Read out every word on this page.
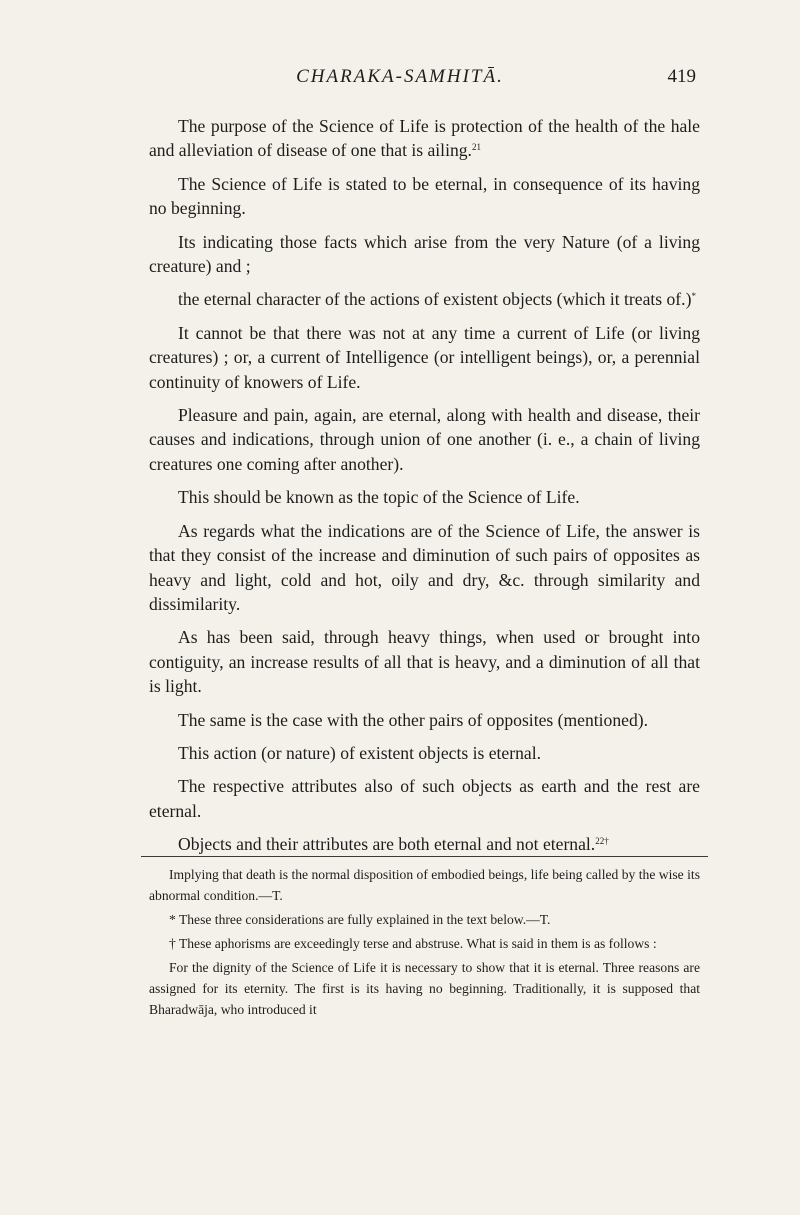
CHARAKA-SAMHITĀ.	419

The purpose of the Science of Life is protection of the health of the hale and alleviation of disease of one that is ailing.$^{21}$

The Science of Life is stated to be eternal, in consequence of its having no beginning.

Its indicating those facts which arise from the very Nature (of a living creature) and ;

the eternal character of the actions of existent objects (which it treats of.)*

It cannot be that there was not at any time a current of Life (or living creatures) ; or, a current of Intelligence (or intelligent beings), or, a perennial continuity of knowers of Life.

Pleasure and pain, again, are eternal, along with health and disease, their causes and indications, through union of one another (i. e., a chain of living creatures one coming after another).

This should be known as the topic of the Science of Life.

As regards what the indications are of the Science of Life, the answer is that they consist of the increase and diminution of such pairs of opposites as heavy and light, cold and hot, oily and dry, &c. through similarity and dissimilarity.

As has been said, through heavy things, when used or brought into contiguity, an increase results of all that is heavy, and a diminution of all that is light.

The same is the case with the other pairs of opposites (mentioned).

This action (or nature) of existent objects is eternal.

The respective attributes also of such objects as earth and the rest are eternal.

Objects and their attributes are both eternal and not eternal.$^{22\dagger}$

Implying that death is the normal disposition of embodied beings, life being called by the wise its abnormal condition.—T.

* These three considerations are fully explained in the text below.—T.

† These aphorisms are exceedingly terse and abstruse. What is said in them is as follows :

For the dignity of the Science of Life it is necessary to show that it is eternal. Three reasons are assigned for its eternity. The first is its having no beginning. Traditionally, it is supposed that Bharadwāja, who introduced it
